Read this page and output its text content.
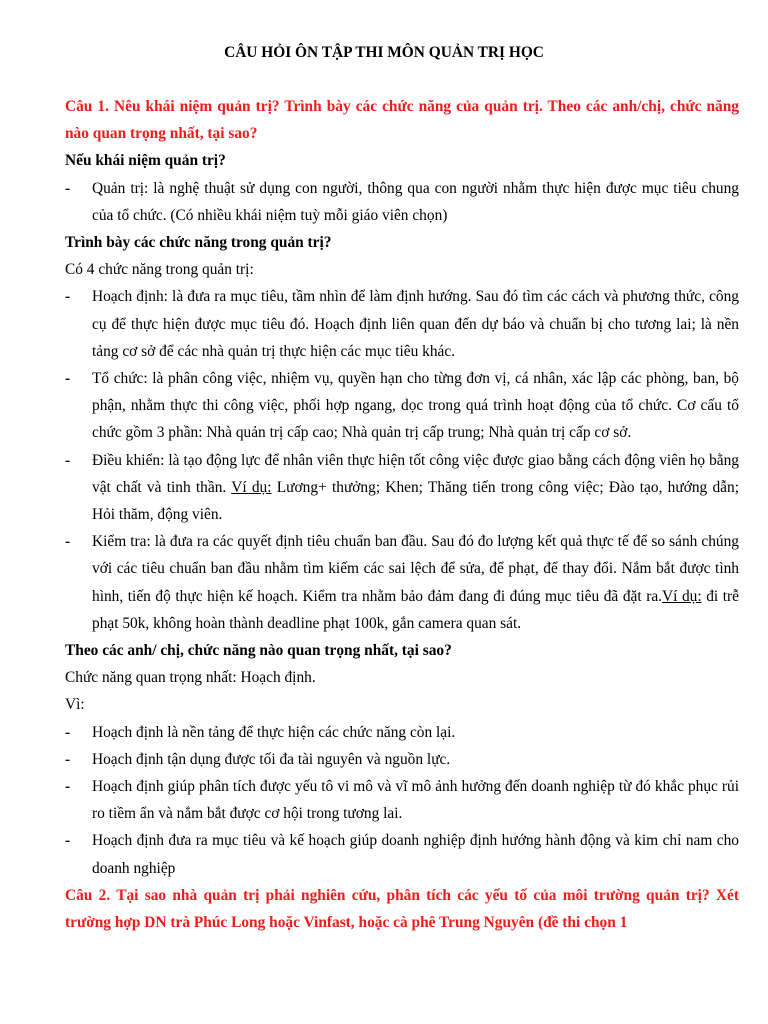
CÂU HỎI ÔN TẬP THI MÔN QUẢN TRỊ HỌC

Câu 1. Nêu khái niệm quản trị? Trình bày các chức năng của quản trị. Theo các anh/chị, chức năng nào quan trọng nhất, tại sao?

Nếu khái niệm quản trị?

- Quản trị: là nghệ thuật sử dụng con người, thông qua con người nhằm thực hiện được mục tiêu chung của tổ chức. (Có nhiều khái niệm tuỳ mỗi giáo viên chọn)

Trình bày các chức năng trong quản trị?

Có 4 chức năng trong quản trị:

- Hoạch định: là đưa ra mục tiêu, tầm nhìn để làm định hướng. Sau đó tìm các cách và phương thức, công cụ để thực hiện được mục tiêu đó. Hoạch định liên quan đến dự báo và chuẩn bị cho tương lai; là nền tảng cơ sở để các nhà quản trị thực hiện các mục tiêu khác.
- Tổ chức: là phân công việc, nhiệm vụ, quyền hạn cho từng đơn vị, cá nhân, xác lập các phòng, ban, bộ phận, nhằm thực thi công việc, phối hợp ngang, dọc trong quá trình hoạt động của tổ chức. Cơ cấu tổ chức gồm 3 phần: Nhà quản trị cấp cao; Nhà quản trị cấp trung; Nhà quản trị cấp cơ sở.
- Điều khiển: là tạo động lực để nhân viên thực hiện tốt công việc được giao bằng cách động viên họ bằng vật chất và tinh thần. Ví dụ: Lương+ thưởng; Khen; Thăng tiến trong công việc; Đào tạo, hướng dẫn; Hỏi thăm, động viên.
- Kiểm tra: là đưa ra các quyết định tiêu chuẩn ban đầu. Sau đó đo lượng kết quả thực tế để so sánh chúng với các tiêu chuẩn ban đầu nhằm tìm kiếm các sai lệch để sửa, để phạt, để thay đổi. Nắm bắt được tình hình, tiến độ thực hiện kế hoạch. Kiểm tra nhằm bảo đảm đang đi đúng mục tiêu đã đặt ra.Ví dụ: đi trễ phạt 50k, không hoàn thành deadline phạt 100k, gắn camera quan sát.

Theo các anh/ chị, chức năng nào quan trọng nhất, tại sao?

Chức năng quan trọng nhất: Hoạch định.

Vì:

- Hoạch định là nền tảng để thực hiện các chức năng còn lại.
- Hoạch định tận dụng được tối đa tài nguyên và nguồn lực.
- Hoạch định giúp phân tích được yếu tô vi mô và vĩ mô ảnh hưởng đến doanh nghiệp từ đó khắc phục rủi ro tiềm ẩn và nắm bắt được cơ hội trong tương lai.
- Hoạch định đưa ra mục tiêu và kế hoạch giúp doanh nghiệp định hướng hành động và kim chỉ nam cho doanh nghiệp

Câu 2. Tại sao nhà quản trị phải nghiên cứu, phân tích các yếu tố của môi trường quản trị? Xét trường hợp DN trà Phúc Long hoặc Vinfast, hoặc cà phê Trung Nguyên (đề thi chọn 1
